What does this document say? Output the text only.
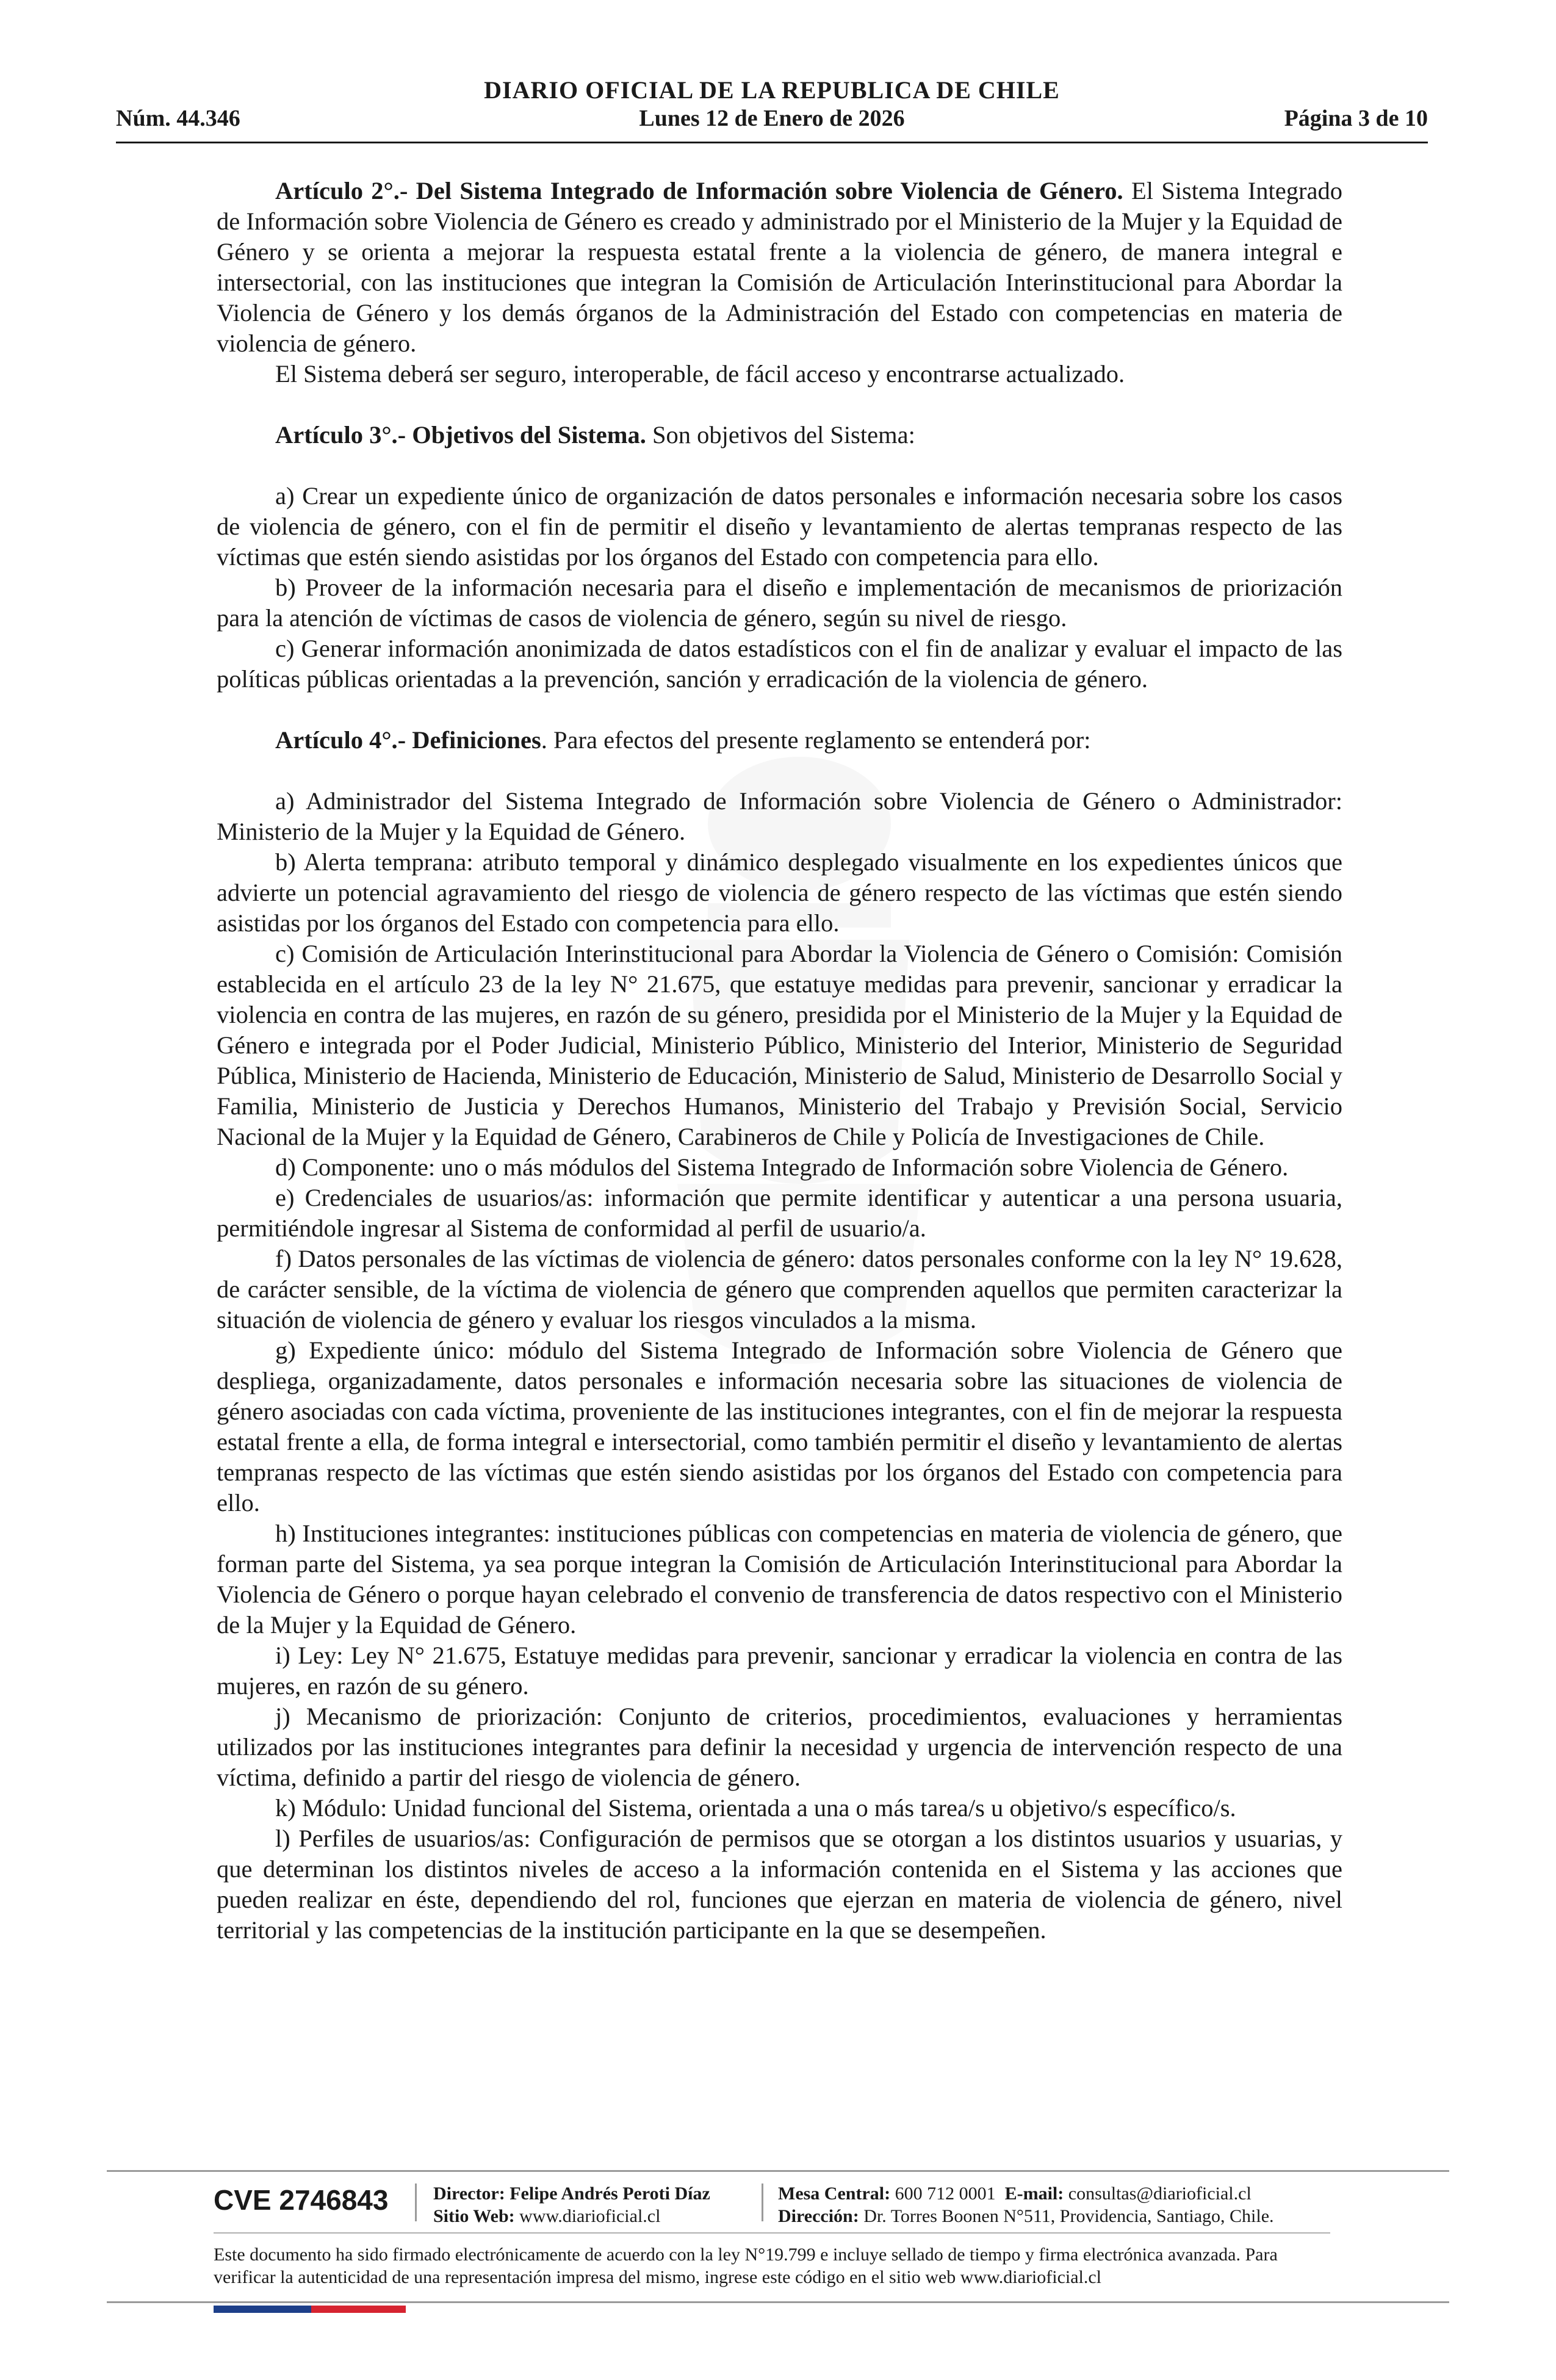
Núm. 44.346
DIARIO OFICIAL DE LA REPUBLICA DE CHILE
Lunes 12 de Enero de 2026	Página 3 de 10

Artículo 2°.- Del Sistema Integrado de Información sobre Violencia de Género. El Sistema Integrado de Información sobre Violencia de Género es creado y administrado por el Ministerio de la Mujer y la Equidad de Género y se orienta a mejorar la respuesta estatal frente a la violencia de género, de manera integral e intersectorial, con las instituciones que integran la Comisión de Articulación Interinstitucional para Abordar la Violencia de Género y los demás órganos de la Administración del Estado con competencias en materia de violencia de género.

El Sistema deberá ser seguro, interoperable, de fácil acceso y encontrarse actualizado.

Artículo 3°.- Objetivos del Sistema. Son objetivos del Sistema:

a) Crear un expediente único de organización de datos personales e información necesaria sobre los casos de violencia de género, con el fin de permitir el diseño y levantamiento de alertas tempranas respecto de las víctimas que estén siendo asistidas por los órganos del Estado con competencia para ello.

b) Proveer de la información necesaria para el diseño e implementación de mecanismos de priorización para la atención de víctimas de casos de violencia de género, según su nivel de riesgo.

c) Generar información anonimizada de datos estadísticos con el fin de analizar y evaluar el impacto de las políticas públicas orientadas a la prevención, sanción y erradicación de la violencia de género.

Artículo 4°.- Definiciones. Para efectos del presente reglamento se entenderá por:

a) Administrador del Sistema Integrado de Información sobre Violencia de Género o Administrador: Ministerio de la Mujer y la Equidad de Género.

b) Alerta temprana: atributo temporal y dinámico desplegado visualmente en los expedientes únicos que advierte un potencial agravamiento del riesgo de violencia de género respecto de las víctimas que estén siendo asistidas por los órganos del Estado con competencia para ello.

c) Comisión de Articulación Interinstitucional para Abordar la Violencia de Género o Comisión: Comisión establecida en el artículo 23 de la ley N° 21.675, que estatuye medidas para prevenir, sancionar y erradicar la violencia en contra de las mujeres, en razón de su género, presidida por el Ministerio de la Mujer y la Equidad de Género e integrada por el Poder Judicial, Ministerio Público, Ministerio del Interior, Ministerio de Seguridad Pública, Ministerio de Hacienda, Ministerio de Educación, Ministerio de Salud, Ministerio de Desarrollo Social y Familia, Ministerio de Justicia y Derechos Humanos, Ministerio del Trabajo y Previsión Social, Servicio Nacional de la Mujer y la Equidad de Género, Carabineros de Chile y Policía de Investigaciones de Chile.

d) Componente: uno o más módulos del Sistema Integrado de Información sobre Violencia de Género.

e) Credenciales de usuarios/as: información que permite identificar y autenticar a una persona usuaria, permitiéndole ingresar al Sistema de conformidad al perfil de usuario/a.

f) Datos personales de las víctimas de violencia de género: datos personales conforme con la ley N° 19.628, de carácter sensible, de la víctima de violencia de género que comprenden aquellos que permiten caracterizar la situación de violencia de género y evaluar los riesgos vinculados a la misma.

g) Expediente único: módulo del Sistema Integrado de Información sobre Violencia de Género que despliega, organizadamente, datos personales e información necesaria sobre las situaciones de violencia de género asociadas con cada víctima, proveniente de las instituciones integrantes, con el fin de mejorar la respuesta estatal frente a ella, de forma integral e intersectorial, como también permitir el diseño y levantamiento de alertas tempranas respecto de las víctimas que estén siendo asistidas por los órganos del Estado con competencia para ello.

h) Instituciones integrantes: instituciones públicas con competencias en materia de violencia de género, que forman parte del Sistema, ya sea porque integran la Comisión de Articulación Interinstitucional para Abordar la Violencia de Género o porque hayan celebrado el convenio de transferencia de datos respectivo con el Ministerio de la Mujer y la Equidad de Género.

i) Ley: Ley N° 21.675, Estatuye medidas para prevenir, sancionar y erradicar la violencia en contra de las mujeres, en razón de su género.

j) Mecanismo de priorización: Conjunto de criterios, procedimientos, evaluaciones y herramientas utilizados por las instituciones integrantes para definir la necesidad y urgencia de intervención respecto de una víctima, definido a partir del riesgo de violencia de género.

k) Módulo: Unidad funcional del Sistema, orientada a una o más tarea/s u objetivo/s específico/s.

l) Perfiles de usuarios/as: Configuración de permisos que se otorgan a los distintos usuarios y usuarias, y que determinan los distintos niveles de acceso a la información contenida en el Sistema y las acciones que pueden realizar en éste, dependiendo del rol, funciones que ejerzan en materia de violencia de género, nivel territorial y las competencias de la institución participante en la que se desempeñen.

CVE 2746843 Director: Felipe Andrés Peroti Díaz
Sitio Web: www.diarioficial.cl
Mesa Central: 600 712 0001 E-mail: consultas@diarioficial.cl
Dirección: Dr. Torres Boonen N°511, Providencia, Santiago, Chile.
Este documento ha sido firmado electrónicamente de acuerdo con la ley N°19.799 e incluye sellado de tiempo y firma electrónica avanzada. Para verificar la autenticidad de una representación impresa del mismo, ingrese este código en el sitio web www.diarioficial.cl
